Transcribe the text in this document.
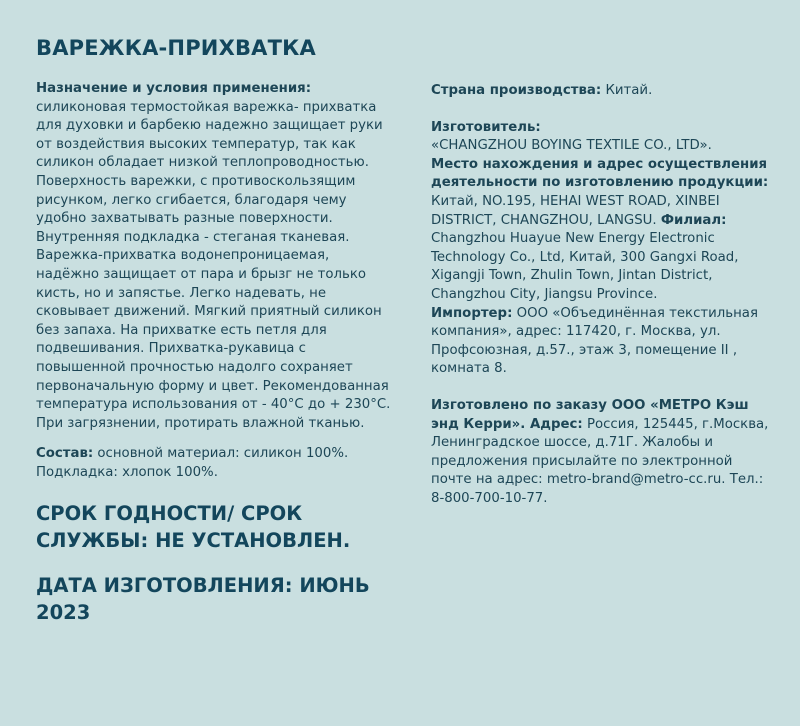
ВАРЕЖКА-ПРИХВАТКА

Назначение и условия применения:
силиконовая термостойкая варежка- прихватка для духовки и барбекю надежно защищает руки от воздействия высоких температур, так как силикон обладает низкой теплопроводностью. Поверхность варежки, с противоскользящим рисунком, легко сгибается, благодаря чему удобно захватывать разные поверхности. Внутренняя подкладка - стеганая тканевая. Варежка-прихватка водонепроницаемая, надёжно защищает от пара и брызг не только кисть, но и запястье. Легко надевать, не сковывает движений. Мягкий приятный силикон без запаха. На прихватке есть петля для подвешивания. Прихватка-рукавица с повышенной прочностью надолго сохраняет первоначальную форму и цвет. Рекомендованная температура использования от - 40°C до + 230°C. При загрязнении, протирать влажной тканью.

Состав: основной материал: силикон 100%. Подкладка: хлопок 100%.

СРОК ГОДНОСТИ/ СРОК СЛУЖБЫ: НЕ УСТАНОВЛЕН.

ДАТА ИЗГОТОВЛЕНИЯ: ИЮНЬ 2023

Страна производства: Китай.

Изготовитель:
«CHANGZHOU BOYING TEXTILE CO., LTD».
Место нахождения и адрес осуществления деятельности по изготовлению продукции: Китай, NO.195, HEHAI WEST ROAD, XINBEI DISTRICT, CHANGZHOU, LANGSU. Филиал: Changzhou Huayue New Energy Electronic Technology Co., Ltd, Китай, 300 Gangxi Road, Xigangji Town, Zhulin Town, Jintan District, Changzhou City, Jiangsu Province.
Импортер: ООО «Объединённая текстильная компания», адрес: 117420, г. Москва, ул. Профсоюзная, д.57., этаж 3, помещение II , комната 8.

Изготовлено по заказу ООО «МЕТРО Кэш энд Керри». Адрес: Россия, 125445, г.Москва, Ленинградское шоссе, д.71Г. Жалобы и предложения присылайте по электронной почте на адрес: metro-brand@metro-cc.ru. Тел.: 8-800-700-10-77.
